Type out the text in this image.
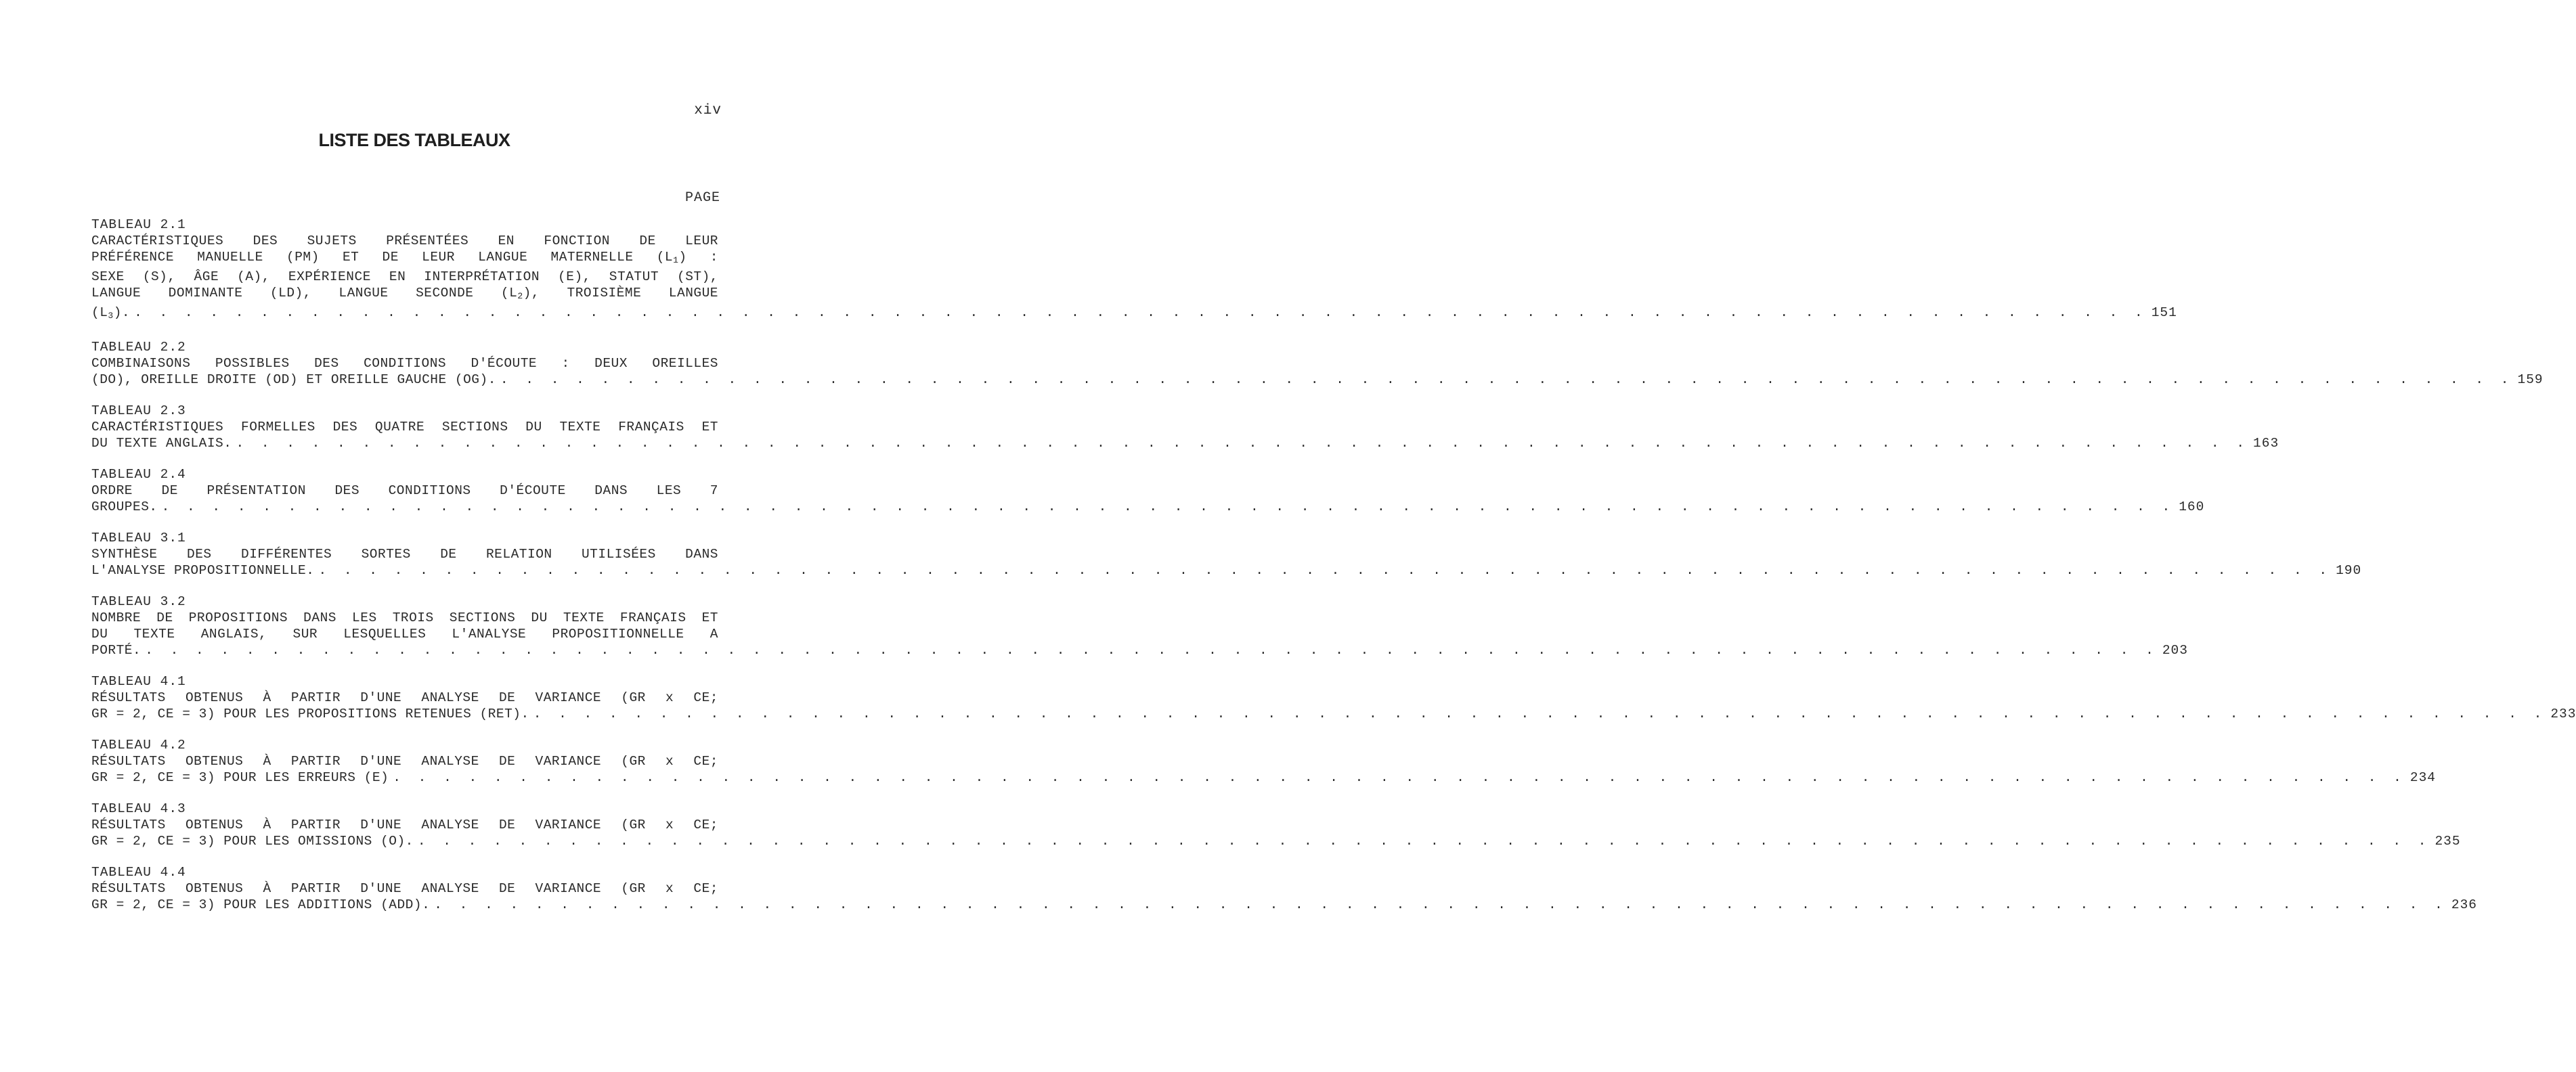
xiv
LISTE DES TABLEAUX
PAGE
TABLEAU 2.1
CARACTÉRISTIQUES DES SUJETS PRÉSENTÉES EN FONCTION DE LEUR
PRÉFÉRENCE MANUELLE (PM) ET DE LEUR LANGUE MATERNELLE $(L_1)$ :
SEXE (S), ÂGE (A), EXPÉRIENCE EN INTERPRÉTATION (E), STATUT (ST),
LANGUE DOMINANTE (LD), LANGUE SECONDE $(L_2)$, TROISIÈME LANGUE
$(L_3)$. . . . . . . . . . . . . . . . . . . . . . . . . . . . . . . . . . . . . . . . . . . . . . . . . . . . . . . . . . . . . . . . . . . . . . . . . . . . . . . . . 151
TABLEAU 2.2
COMBINAISONS POSSIBLES DES CONDITIONS D'ÉCOUTE : DEUX OREILLES
(DO), OREILLE DROITE (OD) ET OREILLE GAUCHE (OG). . . . . . . . . . . . . . . . . . . . . . . . . . . . . . . . . . . . . . . . . . . . . . . . . . . . . . . . . . . . . . . . . . . . . . . . . . . . . . . . . 159
TABLEAU 2.3
CARACTÉRISTIQUES FORMELLES DES QUATRE SECTIONS DU TEXTE FRANÇAIS ET
DU TEXTE ANGLAIS. . . . . . . . . . . . . . . . . . . . . . . . . . . . . . . . . . . . . . . . . . . . . . . . . . . . . . . . . . . . . . . . . . . . . . . . . . . . . . . . . 163
TABLEAU 2.4
ORDRE DE PRÉSENTATION DES CONDITIONS D'ÉCOUTE DANS LES 7
GROUPES. . . . . . . . . . . . . . . . . . . . . . . . . . . . . . . . . . . . . . . . . . . . . . . . . . . . . . . . . . . . . . . . . . . . . . . . . . . . . . . . . 160
TABLEAU 3.1
SYNTHÈSE DES DIFFÉRENTES SORTES DE RELATION UTILISÉES DANS
L'ANALYSE PROPOSITIONNELLE. . . . . . . . . . . . . . . . . . . . . . . . . . . . . . . . . . . . . . . . . . . . . . . . . . . . . . . . . . . . . . . . . . . . . . . . . . . . . . . . . 190
TABLEAU 3.2
NOMBRE DE PROPOSITIONS DANS LES TROIS SECTIONS DU TEXTE FRANÇAIS ET
DU TEXTE ANGLAIS, SUR LESQUELLES L'ANALYSE PROPOSITIONNELLE A
PORTÉ. . . . . . . . . . . . . . . . . . . . . . . . . . . . . . . . . . . . . . . . . . . . . . . . . . . . . . . . . . . . . . . . . . . . . . . . . . . . . . . . . 203
TABLEAU 4.1
RÉSULTATS OBTENUS À PARTIR D'UNE ANALYSE DE VARIANCE (GR x CE;
GR = 2, CE = 3) POUR LES PROPOSITIONS RETENUES (RET). . . . . . . . . . . . . . . . . . . . . . . . . . . . . . . . . . . . . . . . . . . . . . . . . . . . . . . . . . . . . . . . . . . . . . . . . . . . . . . . . 233
TABLEAU 4.2
RÉSULTATS OBTENUS À PARTIR D'UNE ANALYSE DE VARIANCE (GR x CE;
GR = 2, CE = 3) POUR LES ERREURS (E) . . . . . . . . . . . . . . . . . . . . . . . . . . . . . . . . . . . . . . . . . . . . . . . . . . . . . . . . . . . . . . . . . . . . . . . . . . . . . . . . 234
TABLEAU 4.3
RÉSULTATS OBTENUS À PARTIR D'UNE ANALYSE DE VARIANCE (GR x CE;
GR = 2, CE = 3) POUR LES OMISSIONS (O). . . . . . . . . . . . . . . . . . . . . . . . . . . . . . . . . . . . . . . . . . . . . . . . . . . . . . . . . . . . . . . . . . . . . . . . . . . . . . . . . 235
TABLEAU 4.4
RÉSULTATS OBTENUS À PARTIR D'UNE ANALYSE DE VARIANCE (GR x CE;
GR = 2, CE = 3) POUR LES ADDITIONS (ADD). . . . . . . . . . . . . . . . . . . . . . . . . . . . . . . . . . . . . . . . . . . . . . . . . . . . . . . . . . . . . . . . . . . . . . . . . . . . . . . . . 236
